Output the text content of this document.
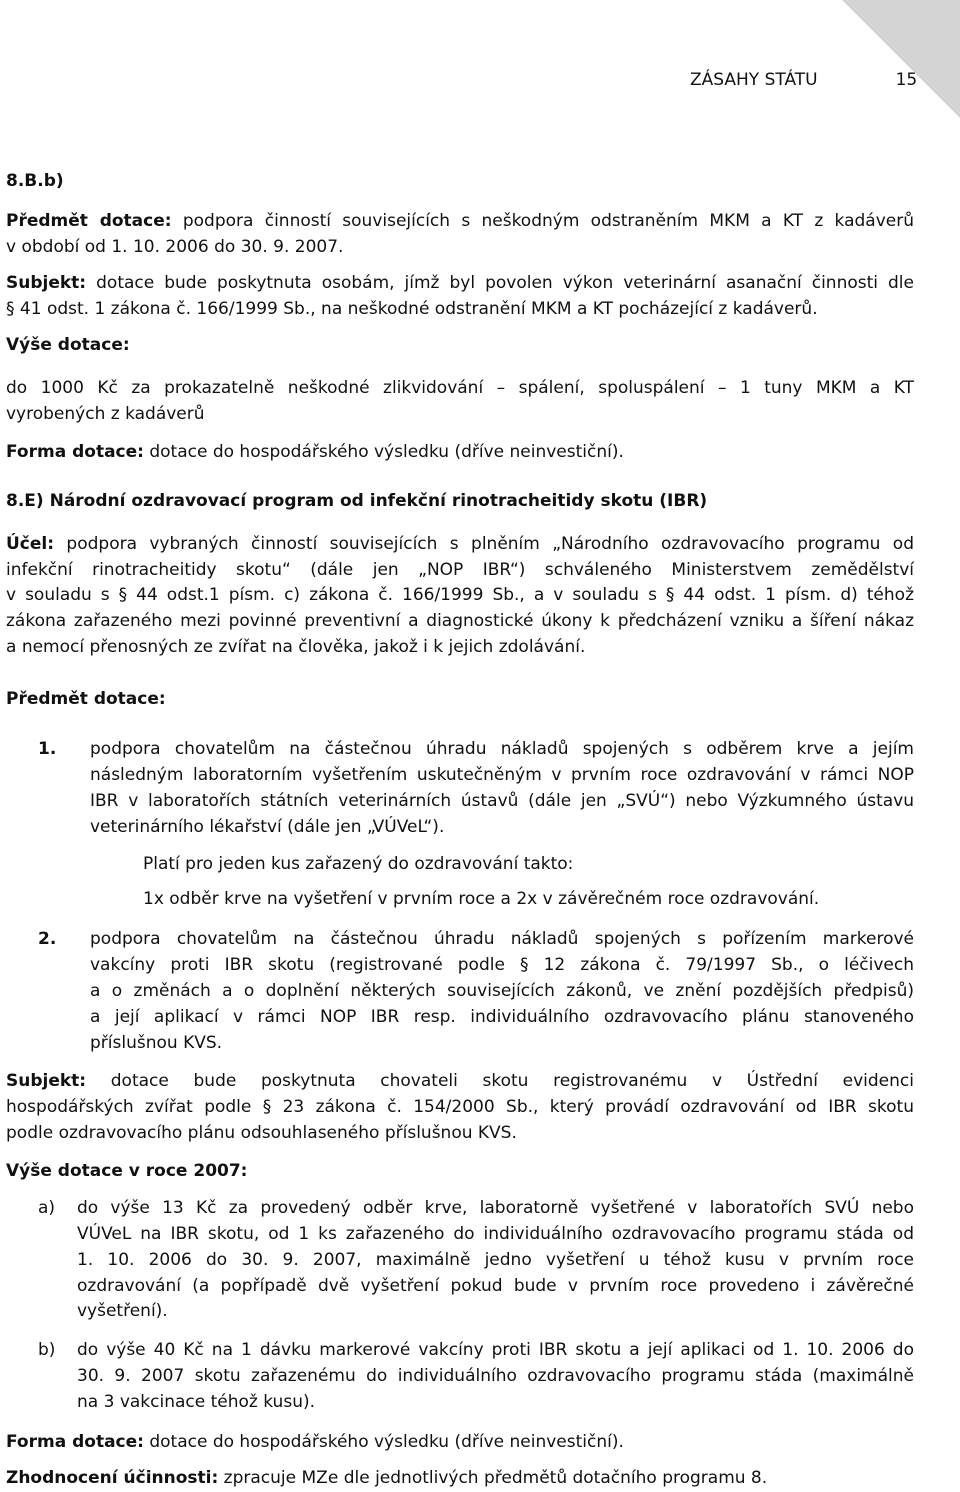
ZÁSAHY STÁTU	15
8.B.b)
Předmět dotace: podpora činností souvisejících s neškodným odstraněním MKM a KT z kadáverů
v období od 1. 10. 2006 do 30. 9. 2007.
Subjekt: dotace bude poskytnuta osobám, jímž byl povolen výkon veterinární asanační činnosti dle
§ 41 odst. 1 zákona č. 166/1999 Sb., na neškodné odstranění MKM a KT pocházející z kadáverů.
Výše dotace:
do 1000 Kč za prokazatelně neškodné zlikvidování – spálení, spoluspálení – 1 tuny MKM a KT
vyrobených z kadáverů
Forma dotace: dotace do hospodářského výsledku (dříve neinvestiční).
8.E) Národní ozdravovací program od infekční rinotracheitidy skotu (IBR)
Účel: podpora vybraných činností souvisejících s plněním „Národního ozdravovacího programu od
infekční rinotracheitidy skotu“ (dále jen „NOP IBR“) schváleného Ministerstvem zemědělství
v souladu s § 44 odst.1 písm. c) zákona č. 166/1999 Sb., a v souladu s § 44 odst. 1 písm. d) téhož
zákona zařazeného mezi povinné preventivní a diagnostické úkony k předcházení vzniku a šíření nákaz
a nemocí přenosných ze zvířat na člověka, jakož i k jejich zdolávání.
Předmět dotace:
1. podpora chovatelům na částečnou úhradu nákladů spojených s odběrem krve a jejím
následným laboratorním vyšetřením uskutečněným v prvním roce ozdravování v rámci NOP
IBR v laboratořích státních veterinárních ústavů (dále jen „SVÚ“) nebo Výzkumného ústavu
veterinárního lékařství (dále jen „VÚVeL“).
Platí pro jeden kus zařazený do ozdravování takto:
1x odběr krve na vyšetření v prvním roce a 2x v závěrečném roce ozdravování.
2. podpora chovatelům na částečnou úhradu nákladů spojených s pořízením markerové
vakcíny proti IBR skotu (registrované podle § 12 zákona č. 79/1997 Sb., o léčivech
a o změnách a o doplnění některých souvisejících zákonů, ve znění pozdějších předpisů)
a její aplikací v rámci NOP IBR resp. individuálního ozdravovacího plánu stanoveného
příslušnou KVS.
Subjekt: dotace bude poskytnuta chovateli skotu registrovanému v Ústřední evidenci
hospodářských zvířat podle § 23 zákona č. 154/2000 Sb., který provádí ozdravování od IBR skotu
podle ozdravovacího plánu odsouhlaseného příslušnou KVS.
Výše dotace v roce 2007:
a) do výše 13 Kč za provedený odběr krve, laboratorně vyšetřené v laboratořích SVÚ nebo
VÚVeL na IBR skotu, od 1 ks zařazeného do individuálního ozdravovacího programu stáda od
1. 10. 2006 do 30. 9. 2007, maximálně jedno vyšetření u téhož kusu v prvním roce
ozdravování (a popřípadě dvě vyšetření pokud bude v prvním roce provedeno i závěrečné
vyšetření).
b) do výše 40 Kč na 1 dávku markerové vakcíny proti IBR skotu a její aplikaci od 1. 10. 2006 do
30. 9. 2007 skotu zařazenému do individuálního ozdravovacího programu stáda (maximálně
na 3 vakcinace téhož kusu).
Forma dotace: dotace do hospodářského výsledku (dříve neinvestiční).
Zhodnocení účinnosti: zpracuje MZe dle jednotlivých předmětů dotačního programu 8.
